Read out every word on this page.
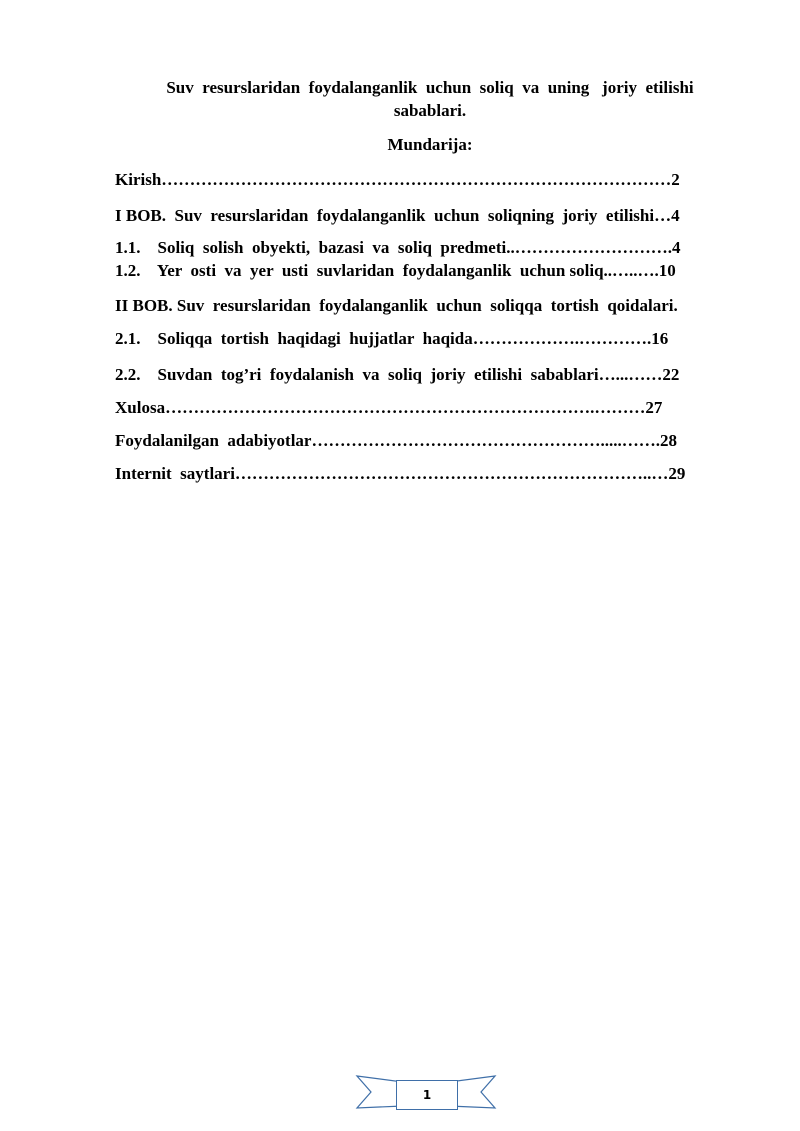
Suv  resurslaridan  foydalanganlik  uchun  soliq  va  uning   joriy  etilishi
sabablari.
Mundarija:
Kirish………………………………………………………………………………2
I BOB.  Suv  resurslaridan  foydalanganlik  uchun  soliqning  joriy  etilishi…4
1.1.    Soliq  solish  obyekti,  bazasi  va  soliq  predmeti..……………………….4
1.2.    Yer  osti  va  yer  usti  suvlaridan  foydalanganlik  uchun soliq..…..….10
II BOB. Suv  resurslaridan  foydalanganlik  uchun  soliqqa  tortish  qoidalari.
2.1.    Soliqqa  tortish  haqidagi  hujjatlar  haqida……………….………….16
2.2.    Suvdan  tog’ri  foydalanish  va  soliq  joriy  etilishi  sabablari…...……22
Xulosa………………………………………………………………….………27
Foydalanilgan  adabiyotlar…………………………………………….....…….28
Internit  saytlari………………………………………………………………..…29
1
